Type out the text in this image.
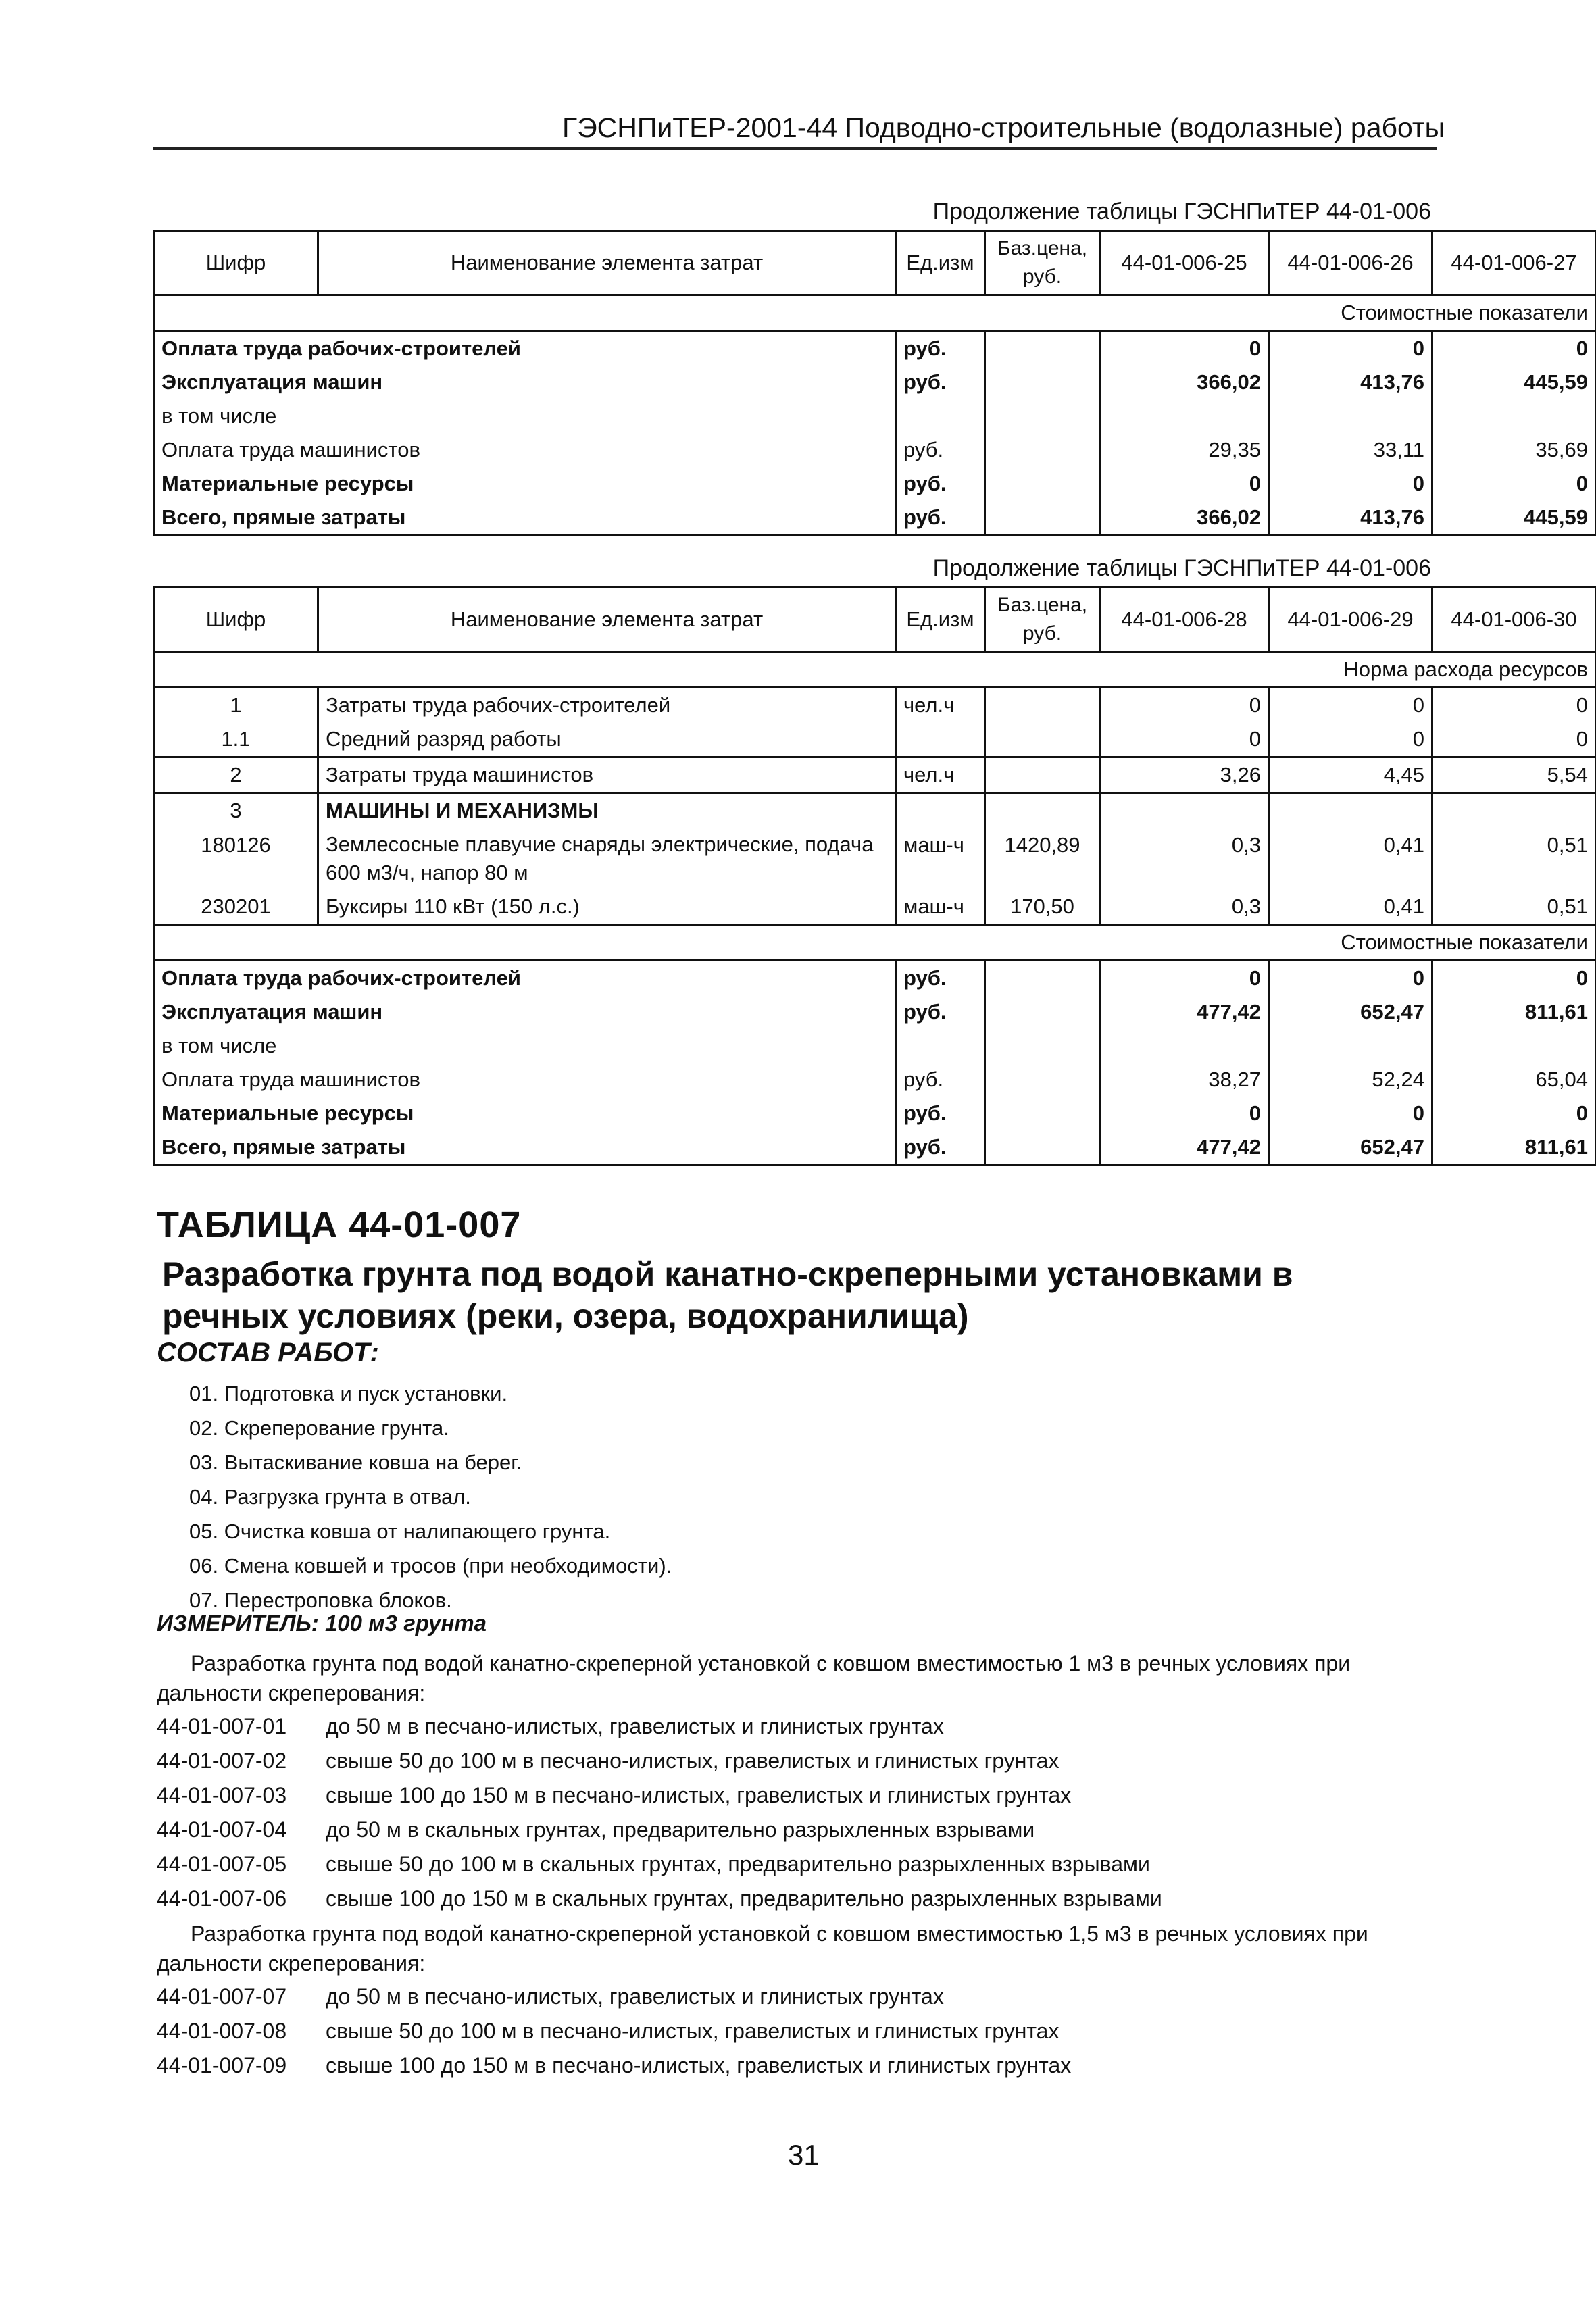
ГЭСНПиТЕР-2001-44 Подводно-строительные (водолазные) работы
Продолжение таблицы ГЭСНПиТЕР 44-01-006
Шифр	Наименование элемента затрат	Ед.изм	Баз.цена, руб.	44-01-006-25	44-01-006-26	44-01-006-27
Стоимостные показатели						
Оплата труда рабочих-строителей		руб.		0	0	0
Эксплуатация машин		руб.		366,02	413,76	445,59
в том числе						
Оплата труда машинистов		руб.		29,35	33,11	35,69
Материальные ресурсы		руб.		0	0	0
Всего, прямые затраты		руб.		366,02	413,76	445,59
Продолжение таблицы ГЭСНПиТЕР 44-01-006
Шифр	Наименование элемента затрат	Ед.изм	Баз.цена, руб.	44-01-006-28	44-01-006-29	44-01-006-30
Норма расхода ресурсов						
1	Затраты труда рабочих-строителей	чел.ч		0	0	0
1.1	Средний разряд работы			0	0	0
2	Затраты труда машинистов	чел.ч		3,26	4,45	5,54
3	МАШИНЫ И МЕХАНИЗМЫ					
180126	Землесосные плавучие снаряды электрические, подача 600 м3/ч, напор 80 м	маш-ч	1420,89	0,3	0,41	0,51
230201	Буксиры 110 кВт (150 л.с.)	маш-ч	170,50	0,3	0,41	0,51
Стоимостные показатели						
Оплата труда рабочих-строителей		руб.		0	0	0
Эксплуатация машин		руб.		477,42	652,47	811,61
в том числе						
Оплата труда машинистов		руб.		38,27	52,24	65,04
Материальные ресурсы		руб.		0	0	0
Всего, прямые затраты		руб.		477,42	652,47	811,61
ТАБЛИЦА 44-01-007
Разработка грунта под водой канатно-скреперными установками в речных условиях (реки, озера, водохранилища)
СОСТАВ РАБОТ:
01. Подготовка и пуск установки.
02. Скреперование грунта.
03. Вытаскивание ковша на берег.
04. Разгрузка грунта в отвал.
05. Очистка ковша от налипающего грунта.
06. Смена ковшей и тросов (при необходимости).
07. Перестроповка блоков.
ИЗМЕРИТЕЛЬ: 100 м3 грунта
Разработка грунта под водой канатно-скреперной установкой с ковшом вместимостью 1 м3 в речных условиях при дальности скреперования:
44-01-007-01 до 50 м в песчано-илистых, гравелистых и глинистых грунтах
44-01-007-02 свыше 50 до 100 м в песчано-илистых, гравелистых и глинистых грунтах
44-01-007-03 свыше 100 до 150 м в песчано-илистых, гравелистых и глинистых грунтах
44-01-007-04 до 50 м в скальных грунтах, предварительно разрыхленных взрывами
44-01-007-05 свыше 50 до 100 м в скальных грунтах, предварительно разрыхленных взрывами
44-01-007-06 свыше 100 до 150 м в скальных грунтах, предварительно разрыхленных взрывами
Разработка грунта под водой канатно-скреперной установкой с ковшом вместимостью 1,5 м3 в речных условиях при дальности скреперования:
44-01-007-07 до 50 м в песчано-илистых, гравелистых и глинистых грунтах
44-01-007-08 свыше 50 до 100 м в песчано-илистых, гравелистых и глинистых грунтах
44-01-007-09 свыше 100 до 150 м в песчано-илистых, гравелистых и глинистых грунтах
31
